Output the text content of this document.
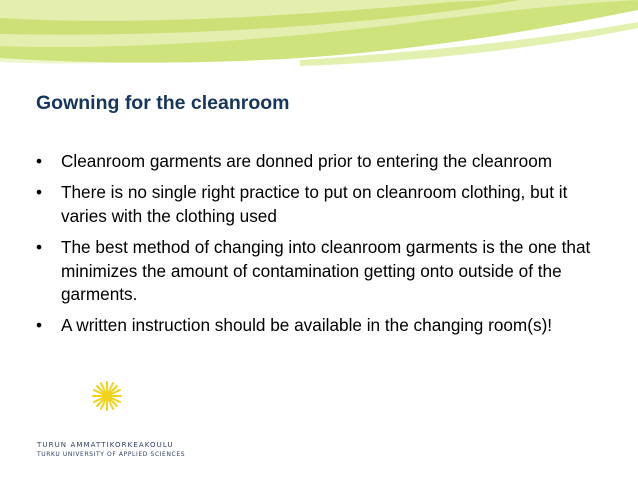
Gowning for the cleanroom
• Cleanroom garments are donned prior to entering the cleanroom
• There is no single right practice to put on cleanroom clothing, but it varies with the clothing used
• The best method of changing into cleanroom garments is the one that minimizes the amount of contamination getting onto outside of the garments.
• A written instruction should be available in the changing room(s)!
TURUN AMMATTIKORKEAKOULU
TURKU UNIVERSITY OF APPLIED SCIENCES
